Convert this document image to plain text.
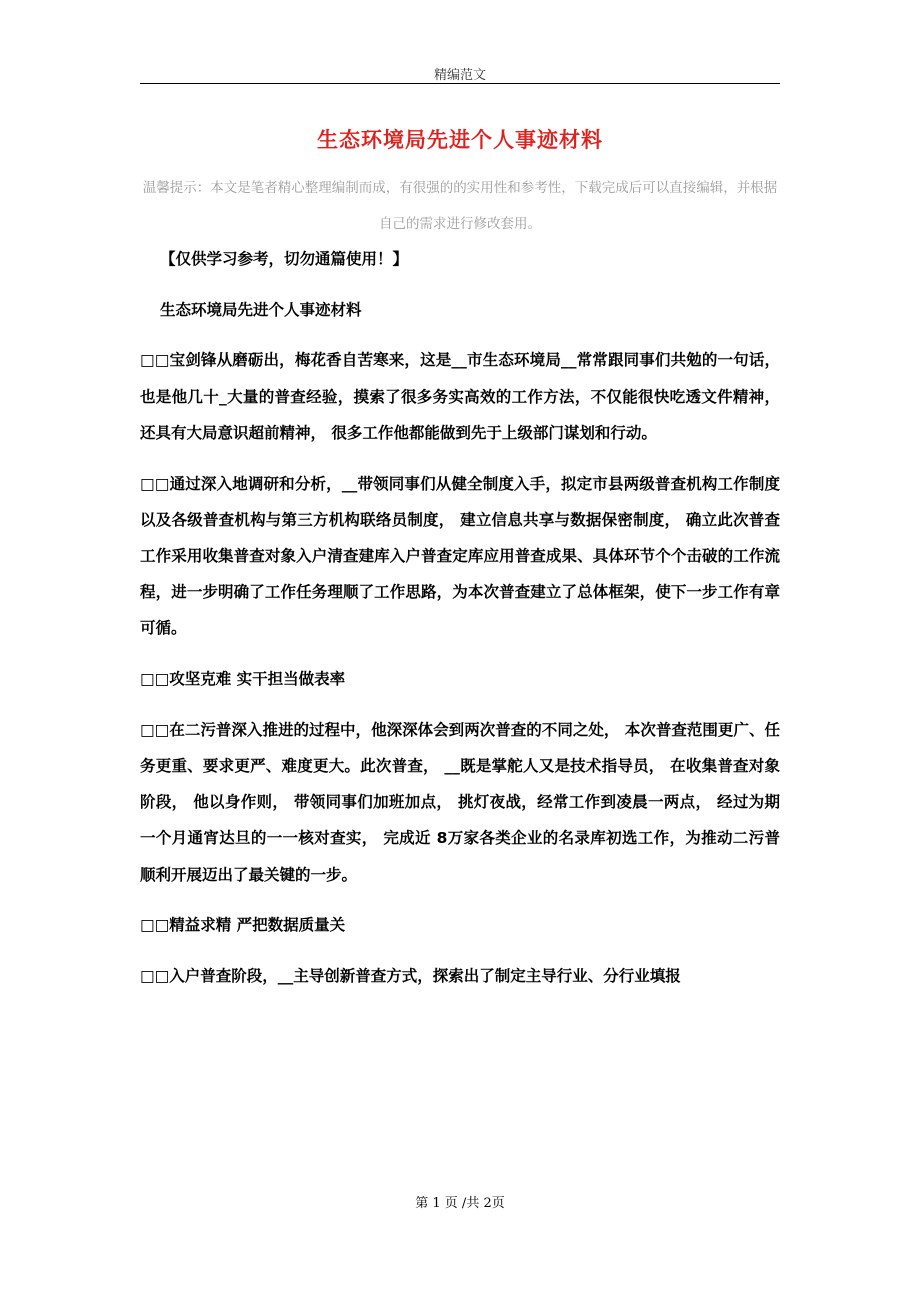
精编范文
生态环境局先进个人事迹材料
温馨提示：本文是笔者精心整理编制而成，有很强的的实用性和参考性，下载完成后可以直接编辑，并根据自己的需求进行修改套用。

【仅供学习参考，切勿通篇使用！】

生态环境局先进个人事迹材料

□□宝剑锋从磨砺出，梅花香自苦寒来，这是__市生态环境局__常常跟同事们共勉的一句话，也是他几十_大量的普查经验，摸索了很多务实高效的工作方法，不仅能很快吃透文件精神， 还具有大局意识超前精神， 很多工作他都能做到先于上级部门谋划和行动。

□□通过深入地调研和分析，__带领同事们从健全制度入手，拟定市县两级普查机构工作制度以及各级普查机构与第三方机构联络员制度， 建立信息共享与数据保密制度， 确立此次普查工作采用收集普查对象入户清查建库入户普查定库应用普查成果、具体环节个个击破的工作流程，进一步明确了工作任务理顺了工作思路，为本次普查建立了总体框架，使下一步工作有章可循。

□□攻坚克难 实干担当做表率

□□在二污普深入推进的过程中，他深深体会到两次普查的不同之处， 本次普查范围更广、任务更重、要求更严、难度更大。此次普查， __既是掌舵人又是技术指导员， 在收集普查对象阶段， 他以身作则， 带领同事们加班加点， 挑灯夜战，经常工作到凌晨一两点， 经过为期一个月通宵达旦的一一核对查实， 完成近 8万家各类企业的名录库初选工作，为推动二污普顺利开展迈出了最关键的一步。

□□精益求精 严把数据质量关

□□入户普查阶段，__主导创新普查方式，探索出了制定主导行业、分行业填报

第 1 页 /共 2页
